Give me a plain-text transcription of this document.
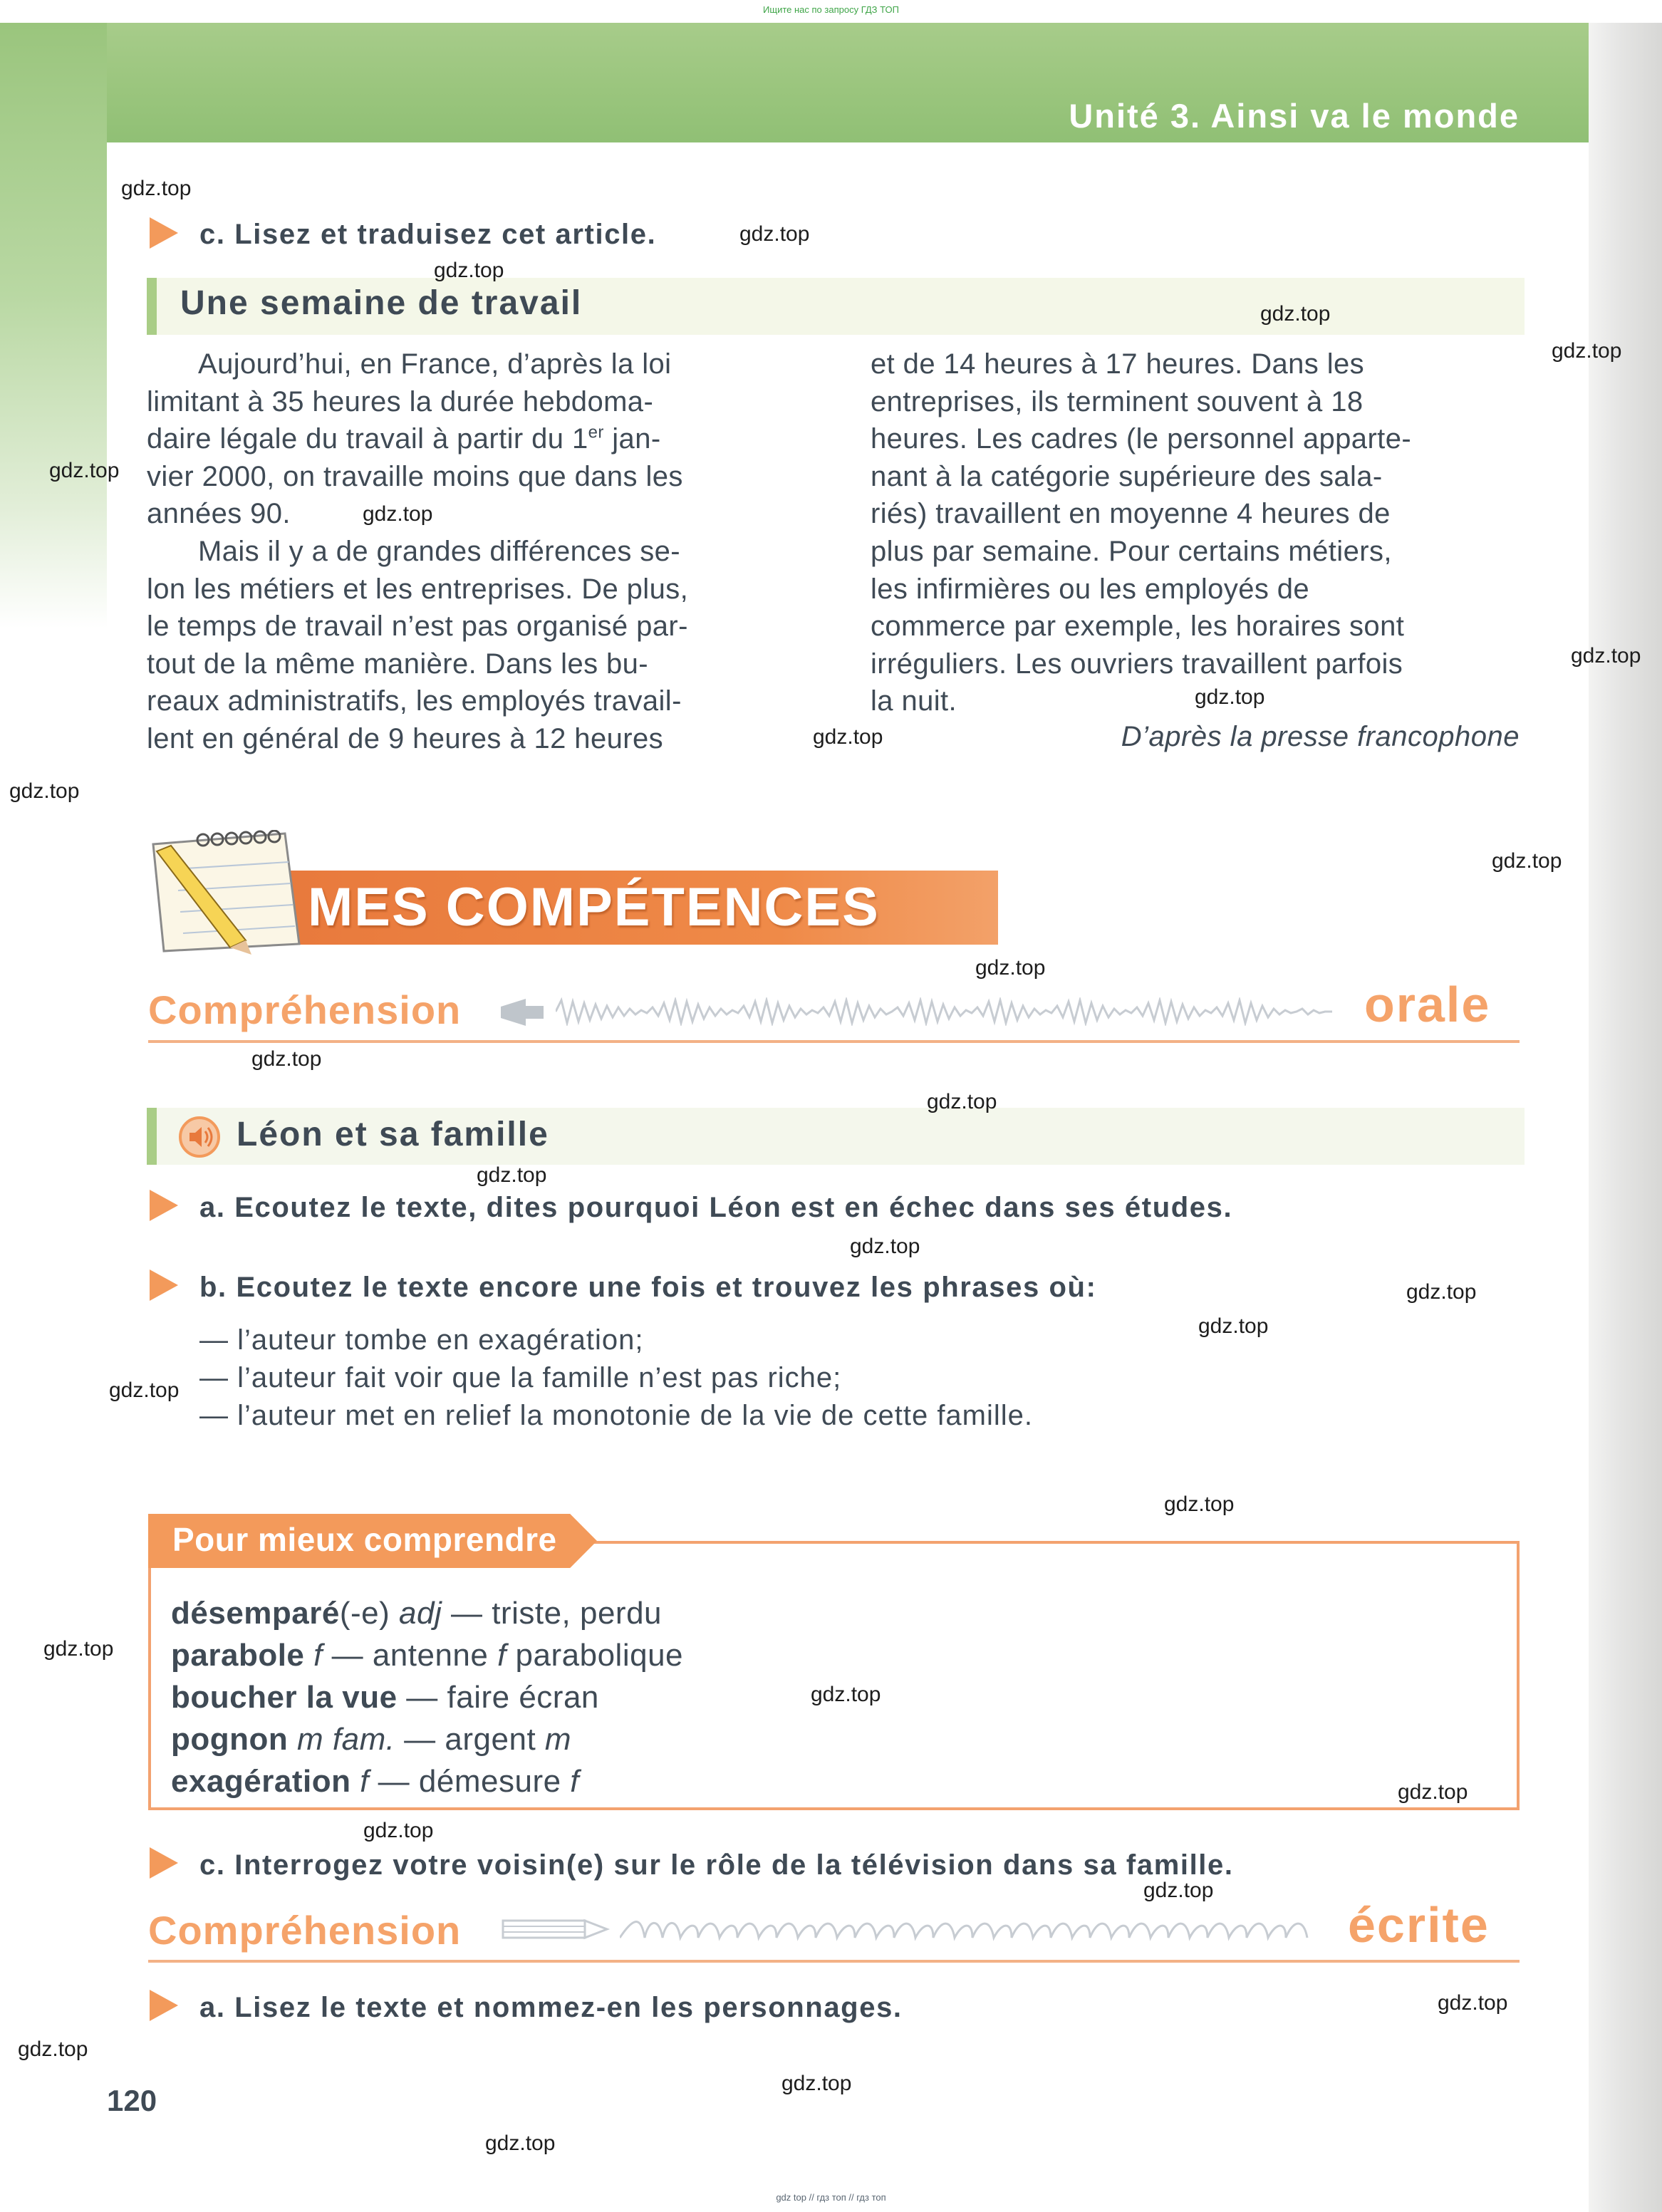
Ищите нас по запросу ГДЗ ТОП
Unité 3. Ainsi va le monde
c. Lisez et traduisez cet article.
Une semaine de travail

Aujourd’hui, en France, d’après la loi

limitant à 35 heures la durée hebdoma-

daire légale du travail à partir du 1er jan-

vier 2000, on travaille moins que dans les

années 90.

Mais il y a de grandes différences se-

lon les métiers et les entreprises. De plus,

le temps de travail n’est pas organisé par-

tout de la même manière. Dans les bu-

reaux administratifs, les employés travail-

lent en général de 9 heures à 12 heures

et de 14 heures à 17 heures. Dans les

entreprises, ils terminent souvent à 18

heures. Les cadres (le personnel apparte-

nant à la catégorie supérieure des sala-

riés) travaillent en moyenne 4 heures de

plus par semaine. Pour certains métiers,

les infirmières ou les employés de

commerce par exemple, les horaires sont

irréguliers. Les ouvriers travaillent parfois

la nuit.

D’après la presse francophone
MES COMPÉTENCES
Compréhension	orale
Léon et sa famille
a. Ecoutez le texte, dites pourquoi Léon est en échec dans ses études.
b. Ecoutez le texte encore une fois et trouvez les phrases où:
— l’auteur tombe en exagération;
— l’auteur fait voir que la famille n’est pas riche;
— l’auteur met en relief la monotonie de la vie de cette famille.
Pour mieux comprendre
désemparé(-e) adj — triste, perdu
parabole f — antenne f parabolique
boucher la vue — faire écran
pognon m fam. — argent m
exagération f — démesure f
c. Interrogez votre voisin(e) sur le rôle de la télévision dans sa famille.
Compréhension	écrite
a. Lisez le texte et nommez-en les personnages.
120
gdz top // гдз топ // гдз топ
gdz.top
gdz.top
gdz.top
gdz.top
gdz.top
gdz.top
gdz.top
gdz.top
gdz.top
gdz.top
gdz.top
gdz.top
gdz.top
gdz.top
gdz.top
gdz.top
gdz.top
gdz.top
gdz.top
gdz.top
gdz.top
gdz.top
gdz.top
gdz.top
gdz.top
gdz.top
gdz.top
gdz.top
gdz.top
gdz.top
